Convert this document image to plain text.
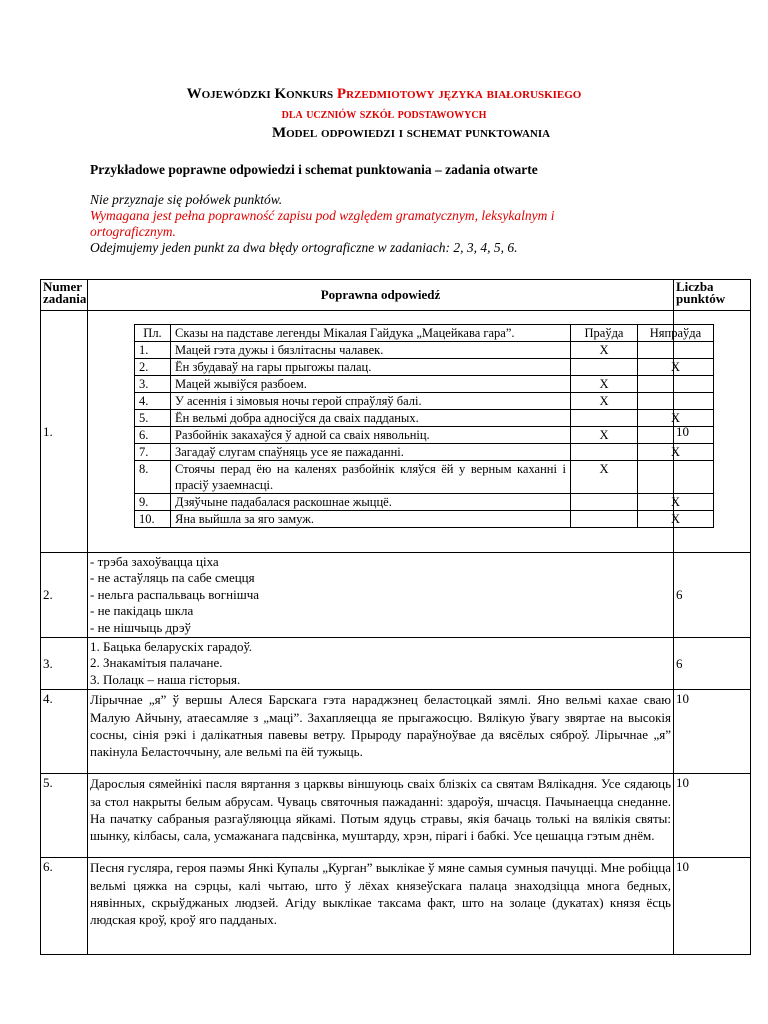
Wojewódzki Konkurs Przedmiotowy języka białoruskiego
dla uczniów szkół podstawowych
Model odpowiedzi i schemat punktowania
Przykładowe poprawne odpowiedzi i schemat punktowania – zadania otwarte
Nie przyznaje się połówek punktów.
Wymagana jest pełna poprawność zapisu pod względem gramatycznym, leksykalnym i ortograficznym.
Odejmujemy jeden punkt za dwa błędy ortograficzne w zadaniach: 2, 3, 4, 5, 6.
Numer zadania	Poprawna odpowiedź	Liczba punktów
1.	
Пл.	Сказы на падставе легенды Мікалая Гайдука „Мацейкава гара”.	Праўда	Няпраўда
1.	Мацей гэта дужы і бязлітасны чалавек.	X	
2.	Ён збудаваў на гары прыгожы палац.		X
3.	Мацей жывіўся разбоем.	X	
4.	У асеннія і зімовыя ночы герой спраўляў балі.	X	
5.	Ён вельмі добра адносіўся да сваіх падданых.		X
6.	Разбойнік закахаўся ў адной са сваіх нявольніц.	X	
7.	Загадаў слугам спаўняць усе яе пажаданні.		X
8.	Стоячы перад ёю на каленях разбойнік кляўся ёй у верным каханні і прасіў узаемнасці.	X	
9.	Дзяўчыне падабалася раскошнае жыццё.		X
10.	Яна выйшла за яго замуж.		X
	10
2.	
- трэба захоўвацца ціха
- не астаўляць па сабе смецця
- нельга распальваць вогнішча
- не пакідаць шкла
- не нішчыць дрэў
	6
3.	
1. Бацька беларускіх гарадоў.
2. Знакамітыя палачане.
3. Полацк – наша гісторыя.
	6
4.	Лірычнае „я” ў вершы Алеся Барскага гэта нараджэнец беластоцкай зямлі. Яно вельмі кахае сваю Малую Айчыну, атаесамляе з „мацi”. Захапляецца яе прыгажосцю. Вялікую ўвагу звяртае на высокія сосны, сінія рэкі і далікатныя павевы ветру. Прыроду параўноўвае да вясёлых сяброў. Лірычнае „я” пакінула Беласточчыну, але вельмі па ёй тужыць.	10
5.	Дарослыя сямейнікі пасля вяртання з царквы віншуюць сваіх блізкіх са святам Вялікадня. Усе сядаюць за стол накрыты белым абрусам. Чуваць святочныя пажаданні: здароўя, шчасця. Пачынаецца снеданне. На пачатку сабраныя разгаўляюцца яйкамі. Потым ядуць стравы, якія бачаць толькі на вялікія святы: шынку, кілбасы, сала, усмажанага падсвінка, муштарду, хрэн, пірагі і бабкі. Усе цешацца гэтым днём.	10
6.	Песня гусляра, героя паэмы Янкі Купалы „Курган” выклікае ў мяне самыя сумныя пачуцці. Мне робіцца вельмі цяжка на сэрцы, калі чытаю, што ў лёхах князеўскага палаца знаходзіцца многа бедных, нявінных, скрыўджаных людзей. Агіду выклікае таксама факт, што на золаце (дукатах) князя ёсць людская кроў, кроў яго падданых.	10
